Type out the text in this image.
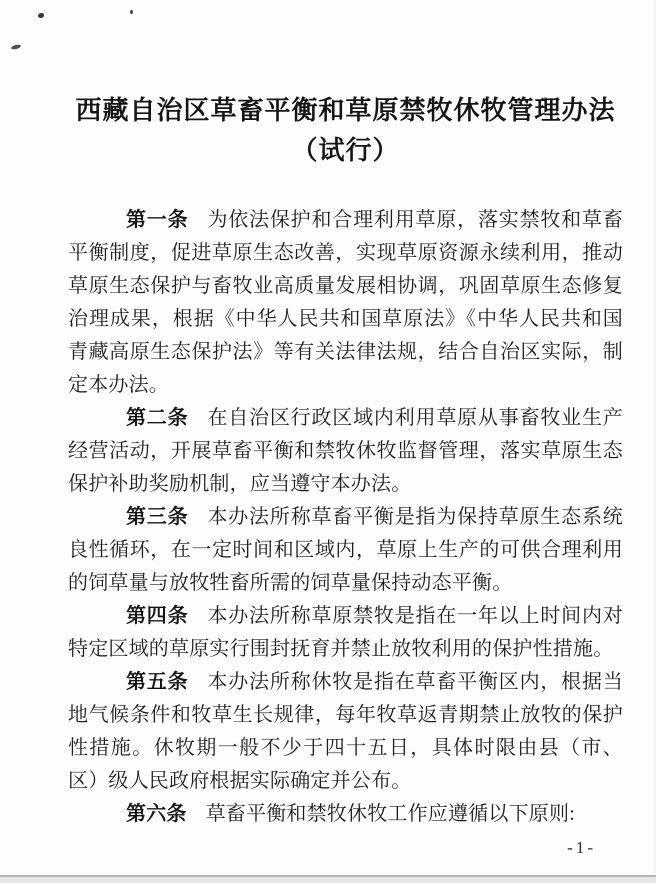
西藏自治区草畜平衡和草原禁牧休牧管理办法
（试行）

第一条 为依法保护和合理利用草原，落实禁牧和草畜平衡制度，促进草原生态改善，实现草原资源永续利用，推动草原生态保护与畜牧业高质量发展相协调，巩固草原生态修复治理成果，根据《中华人民共和国草原法》《中华人民共和国青藏高原生态保护法》等有关法律法规，结合自治区实际，制定本办法。

第二条 在自治区行政区域内利用草原从事畜牧业生产经营活动，开展草畜平衡和禁牧休牧监督管理，落实草原生态保护补助奖励机制，应当遵守本办法。

第三条 本办法所称草畜平衡是指为保持草原生态系统良性循环，在一定时间和区域内，草原上生产的可供合理利用的饲草量与放牧牲畜所需的饲草量保持动态平衡。

第四条 本办法所称草原禁牧是指在一年以上时间内对特定区域的草原实行围封抚育并禁止放牧利用的保护性措施。

第五条 本办法所称休牧是指在草畜平衡区内，根据当地气候条件和牧草生长规律，每年牧草返青期禁止放牧的保护性措施。休牧期一般不少于四十五日，具体时限由县（市、区）级人民政府根据实际确定并公布。

第六条 草畜平衡和禁牧休牧工作应遵循以下原则:

-1-
